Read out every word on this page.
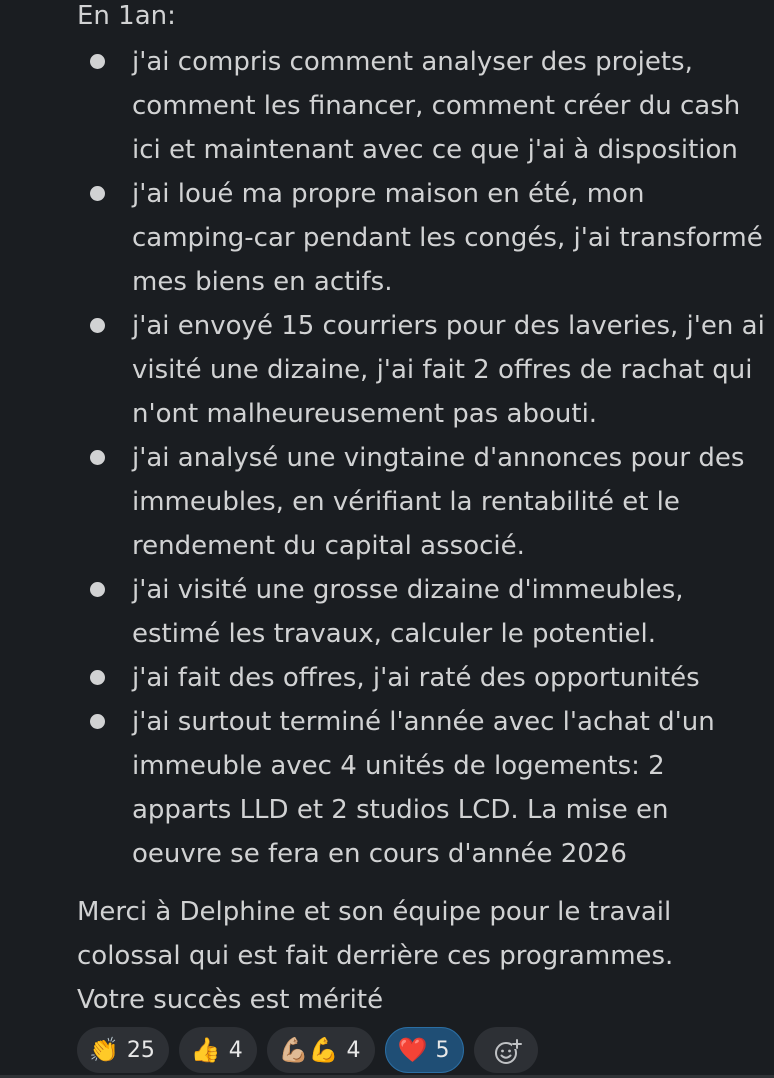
En 1an:

j'ai compris comment analyser des projets,
comment les financer, comment créer du cash
ici et maintenant avec ce que j'ai à disposition
j'ai loué ma propre maison en été, mon
camping-car pendant les congés, j'ai transformé
mes biens en actifs.
j'ai envoyé 15 courriers pour des laveries, j'en ai
visité une dizaine, j'ai fait 2 offres de rachat qui
n'ont malheureusement pas abouti.
j'ai analysé une vingtaine d'annonces pour des
immeubles, en vérifiant la rentabilité et le
rendement du capital associé.
j'ai visité une grosse dizaine d'immeubles,
estimé les travaux, calculer le potentiel.
j'ai fait des offres, j'ai raté des opportunités
j'ai surtout terminé l'année avec l'achat d'un
immeuble avec 4 unités de logements: 2
apparts LLD et 2 studios LCD. La mise en
oeuvre se fera en cours d'année 2026

Merci à Delphine et son équipe pour le travail
colossal qui est fait derrière ces programmes.
Votre succès est mérité

👏 25 👍 4 💪🏼💪 4 ❤️ 5
